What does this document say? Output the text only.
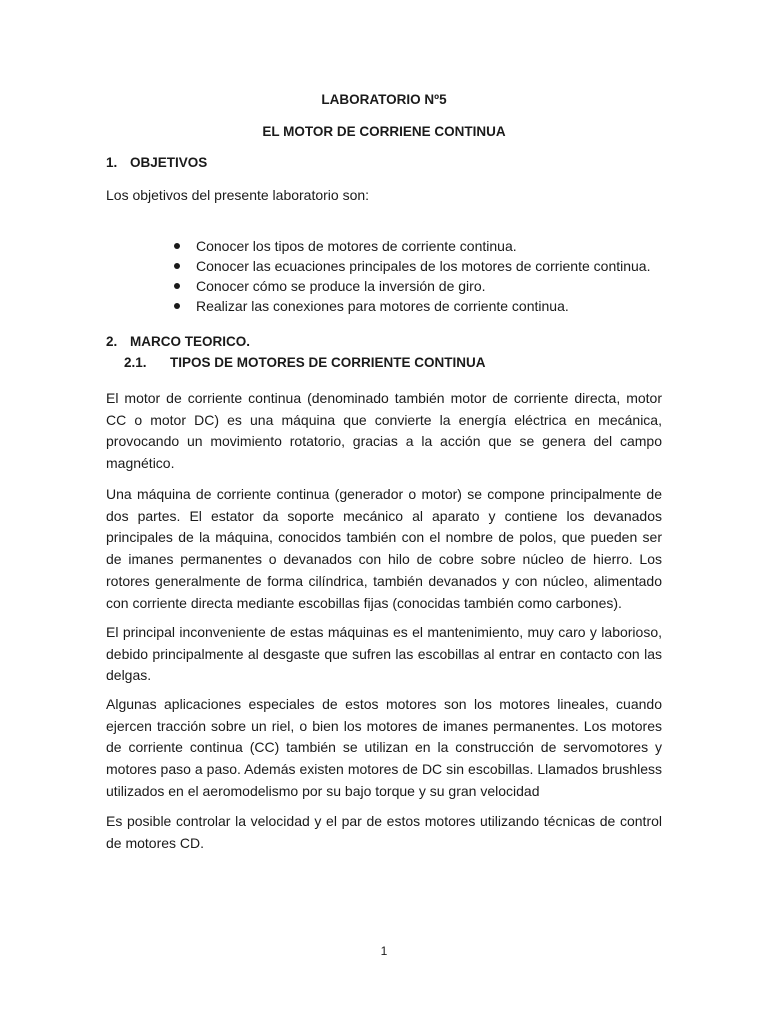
LABORATORIO Nº5
EL MOTOR DE CORRIENE CONTINUA
1. OBJETIVOS
Los objetivos del presente laboratorio son:
Conocer los tipos de motores de corriente continua.
Conocer las ecuaciones principales de los motores de corriente continua.
Conocer cómo se produce la inversión de giro.
Realizar las conexiones para motores de corriente continua.
2. MARCO TEORICO.
2.1. TIPOS DE MOTORES DE CORRIENTE CONTINUA

El motor de corriente continua (denominado también motor de corriente directa, motor CC o motor DC) es una máquina que convierte la energía eléctrica en mecánica, provocando un movimiento rotatorio, gracias a la acción que se genera del campo magnético.

Una máquina de corriente continua (generador o motor) se compone principalmente de dos partes. El estator da soporte mecánico al aparato y contiene los devanados principales de la máquina, conocidos también con el nombre de polos, que pueden ser de imanes permanentes o devanados con hilo de cobre sobre núcleo de hierro. Los rotores generalmente de forma cilíndrica, también devanados y con núcleo, alimentado con corriente directa mediante escobillas fijas (conocidas también como carbones).

El principal inconveniente de estas máquinas es el mantenimiento, muy caro y laborioso, debido principalmente al desgaste que sufren las escobillas al entrar en contacto con las delgas.

Algunas aplicaciones especiales de estos motores son los motores lineales, cuando ejercen tracción sobre un riel, o bien los motores de imanes permanentes. Los motores de corriente continua (CC) también se utilizan en la construcción de servomotores y motores paso a paso. Además existen motores de DC sin escobillas. Llamados brushless utilizados en el aeromodelismo por su bajo torque y su gran velocidad

Es posible controlar la velocidad y el par de estos motores utilizando técnicas de control de motores CD.

1
